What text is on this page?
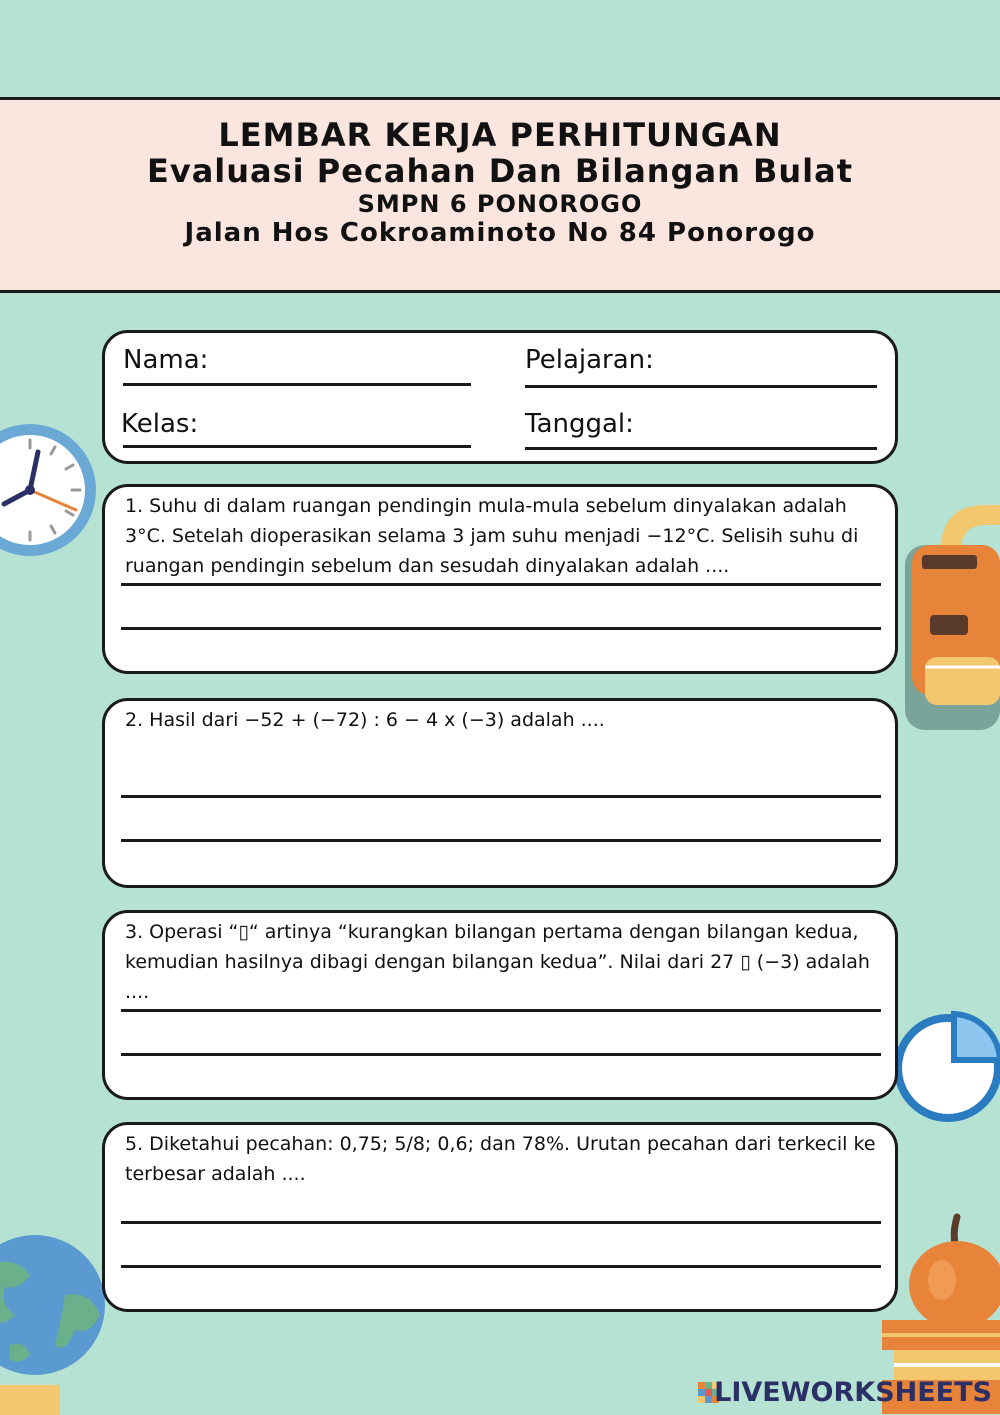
LEMBAR KERJA PERHITUNGAN
Evaluasi Pecahan Dan Bilangan Bulat
SMPN 6 PONOROGO
Jalan Hos Cokroaminoto No 84 Ponorogo
Nama:	Pelajaran:
Kelas:	Tanggal:
1. Suhu di dalam ruangan pendingin mula-mula sebelum dinyalakan adalah 3°C. Setelah dioperasikan selama 3 jam suhu menjadi −12°C. Selisih suhu di ruangan pendingin sebelum dan sesudah dinyalakan adalah ....
2. Hasil dari −52 + (−72) : 6 − 4 x (−3) adalah ....
3. Operasi “▯“ artinya “kurangkan bilangan pertama dengan bilangan kedua, kemudian hasilnya dibagi dengan bilangan kedua”. Nilai dari 27 ▯ (−3) adalah ....
5. Diketahui pecahan: 0,75; 5/8; 0,6; dan 78%. Urutan pecahan dari terkecil ke terbesar adalah ....
LIVEWORKSHEETS
